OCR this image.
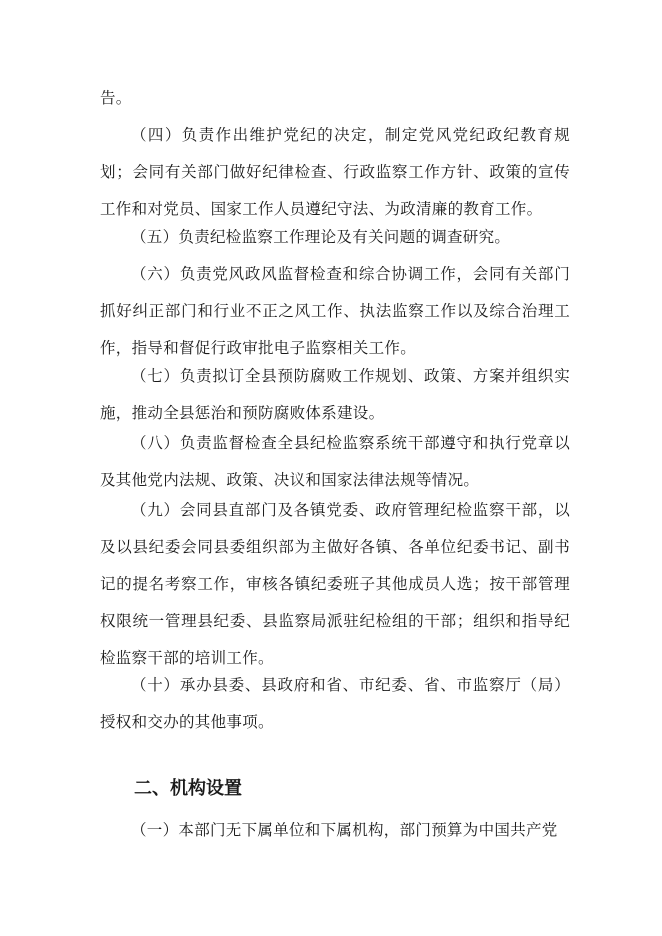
告。
（四）负责作出维护党纪的决定，制定党风党纪政纪教育规划；会同有关部门做好纪律检查、行政监察工作方针、政策的宣传工作和对党员、国家工作人员遵纪守法、为政清廉的教育工作。
（五）负责纪检监察工作理论及有关问题的调查研究。
（六）负责党风政风监督检查和综合协调工作，会同有关部门抓好纠正部门和行业不正之风工作、执法监察工作以及综合治理工作，指导和督促行政审批电子监察相关工作。
（七）负责拟订全县预防腐败工作规划、政策、方案并组织实施，推动全县惩治和预防腐败体系建设。
（八）负责监督检查全县纪检监察系统干部遵守和执行党章以及其他党内法规、政策、决议和国家法律法规等情况。
（九）会同县直部门及各镇党委、政府管理纪检监察干部，以及以县纪委会同县委组织部为主做好各镇、各单位纪委书记、副书记的提名考察工作，审核各镇纪委班子其他成员人选；按干部管理权限统一管理县纪委、县监察局派驻纪检组的干部；组织和指导纪检监察干部的培训工作。
（十）承办县委、县政府和省、市纪委、省、市监察厅（局）授权和交办的其他事项。
二、机构设置
（一）本部门无下属单位和下属机构，部门预算为中国共产党
